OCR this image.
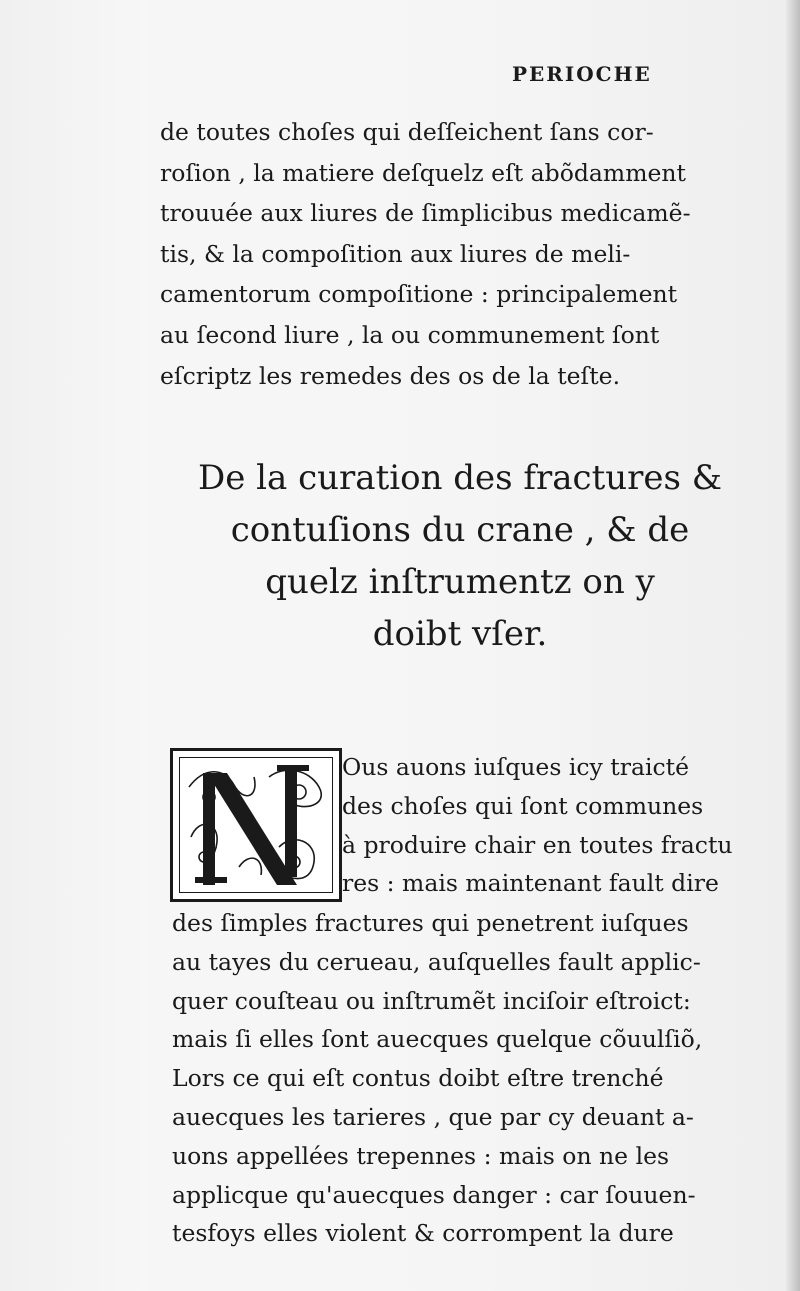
PERIOCHE
de toutes choſes qui deſſeichent ſans cor-
roſion , la matiere deſquelz eſt abõdamment
trouuée aux liures de ſimplicibus medicamẽ-
tis, & la compoſition aux liures de meli-
camentorum compoſitione : principalement
au ſecond liure , la ou communement ſont
eſcriptz les remedes des os de la teſte.
De la curation des fractures &
contuſions du crane , & de
quelz inſtrumentz on y
doibt vſer.
Ous auons iuſques icy traicté
des choſes qui ſont communes
à produire chair en toutes fractu
res : mais maintenant fault dire
des ſimples fractures qui penetrent iuſques
au tayes du cerueau, auſquelles fault applic-
quer couſteau ou inſtrumẽt inciſoir eſtroict:
mais ſi elles ſont auecques quelque cõuulſiõ,
Lors ce qui eſt contus doibt eſtre trenché
auecques les tarieres , que par cy deuant a-
uons appellées trepennes : mais on ne les
applicque qu'auecques danger : car ſouuen-
tesfoys elles violent & corrompent la dure
